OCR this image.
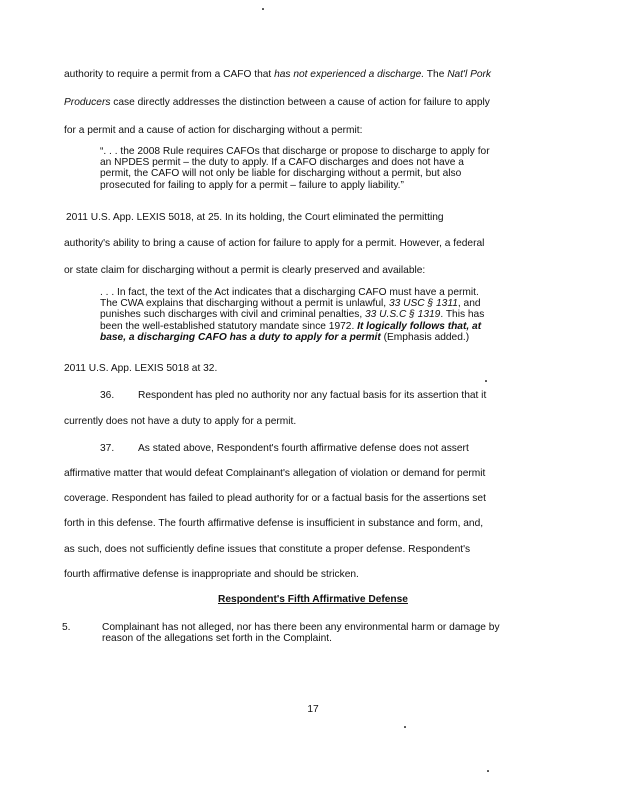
authority to require a permit from a CAFO that has not experienced a discharge. The Nat'l Pork
Producers case directly addresses the distinction between a cause of action for failure to apply
for a permit and a cause of action for discharging without a permit:
“. . . the 2008 Rule requires CAFOs that discharge or propose to discharge to apply for
an NPDES permit – the duty to apply. If a CAFO discharges and does not have a
permit, the CAFO will not only be liable for discharging without a permit, but also
prosecuted for failing to apply for a permit – failure to apply liability.”
2011 U.S. App. LEXIS 5018, at 25. In its holding, the Court eliminated the permitting
authority's ability to bring a cause of action for failure to apply for a permit. However, a federal
or state claim for discharging without a permit is clearly preserved and available:
. . . In fact, the text of the Act indicates that a discharging CAFO must have a permit.
The CWA explains that discharging without a permit is unlawful, 33 USC § 1311, and
punishes such discharges with civil and criminal penalties, 33 U.S.C § 1319. This has
been the well-established statutory mandate since 1972. It logically follows that, at
base, a discharging CAFO has a duty to apply for a permit (Emphasis added.)
2011 U.S. App. LEXIS 5018 at 32.
36. Respondent has pled no authority nor any factual basis for its assertion that it
currently does not have a duty to apply for a permit.
37. As stated above, Respondent's fourth affirmative defense does not assert
affirmative matter that would defeat Complainant's allegation of violation or demand for permit
coverage. Respondent has failed to plead authority for or a factual basis for the assertions set
forth in this defense. The fourth affirmative defense is insufficient in substance and form, and,
as such, does not sufficiently define issues that constitute a proper defense. Respondent's
fourth affirmative defense is inappropriate and should be stricken.
Respondent's Fifth Affirmative Defense
5.	Complainant has not alleged, nor has there been any environmental harm or damage by
reason of the allegations set forth in the Complaint.
17
